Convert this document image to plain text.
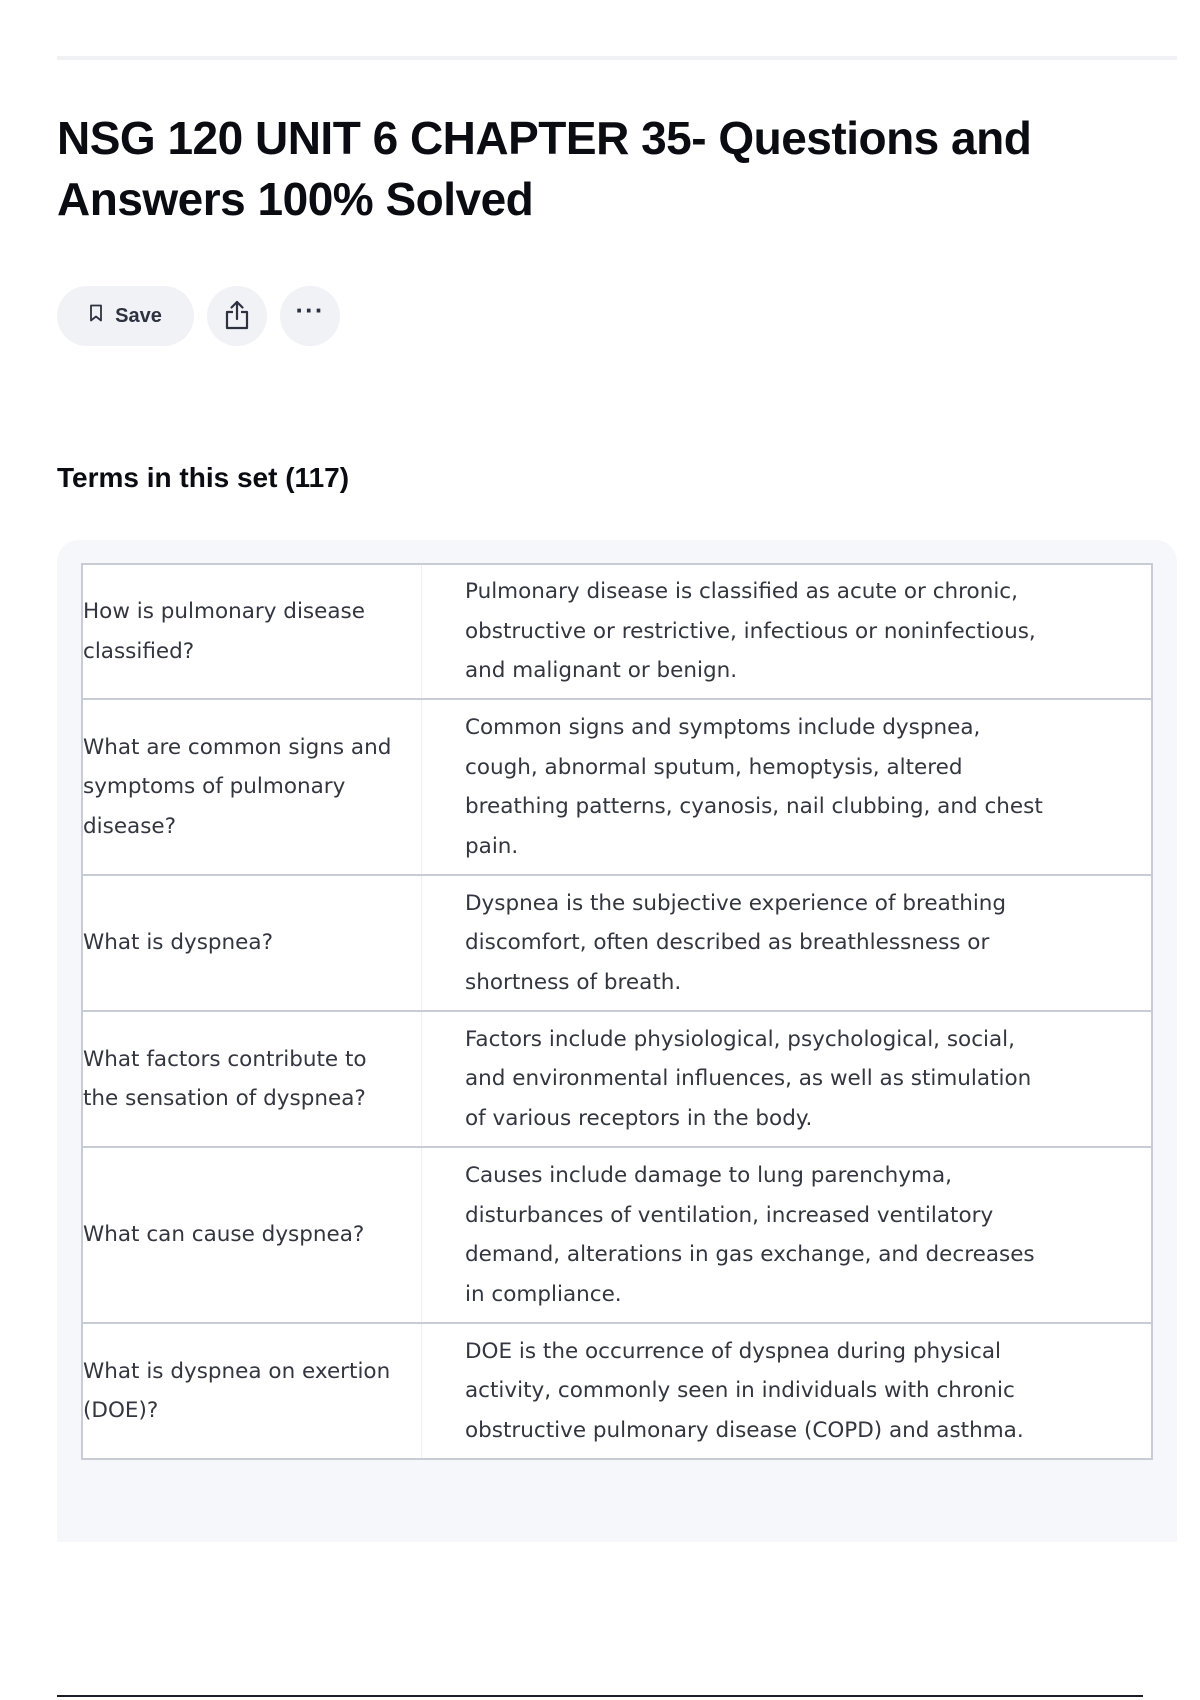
NSG 120 UNIT 6 CHAPTER 35- Questions and Answers 100% Solved
Save	···
Terms in this set (117)
How is pulmonary disease classified?	Pulmonary disease is classified as acute or chronic, obstructive or restrictive, infectious or noninfectious, and malignant or benign.
What are common signs and symptoms of pulmonary disease?	Common signs and symptoms include dyspnea, cough, abnormal sputum, hemoptysis, altered breathing patterns, cyanosis, nail clubbing, and chest pain.
What is dyspnea?	Dyspnea is the subjective experience of breathing discomfort, often described as breathlessness or shortness of breath.
What factors contribute to the sensation of dyspnea?	Factors include physiological, psychological, social, and environmental influences, as well as stimulation of various receptors in the body.
What can cause dyspnea?	Causes include damage to lung parenchyma, disturbances of ventilation, increased ventilatory demand, alterations in gas exchange, and decreases in compliance.
What is dyspnea on exertion (DOE)?	DOE is the occurrence of dyspnea during physical activity, commonly seen in individuals with chronic obstructive pulmonary disease (COPD) and asthma.
